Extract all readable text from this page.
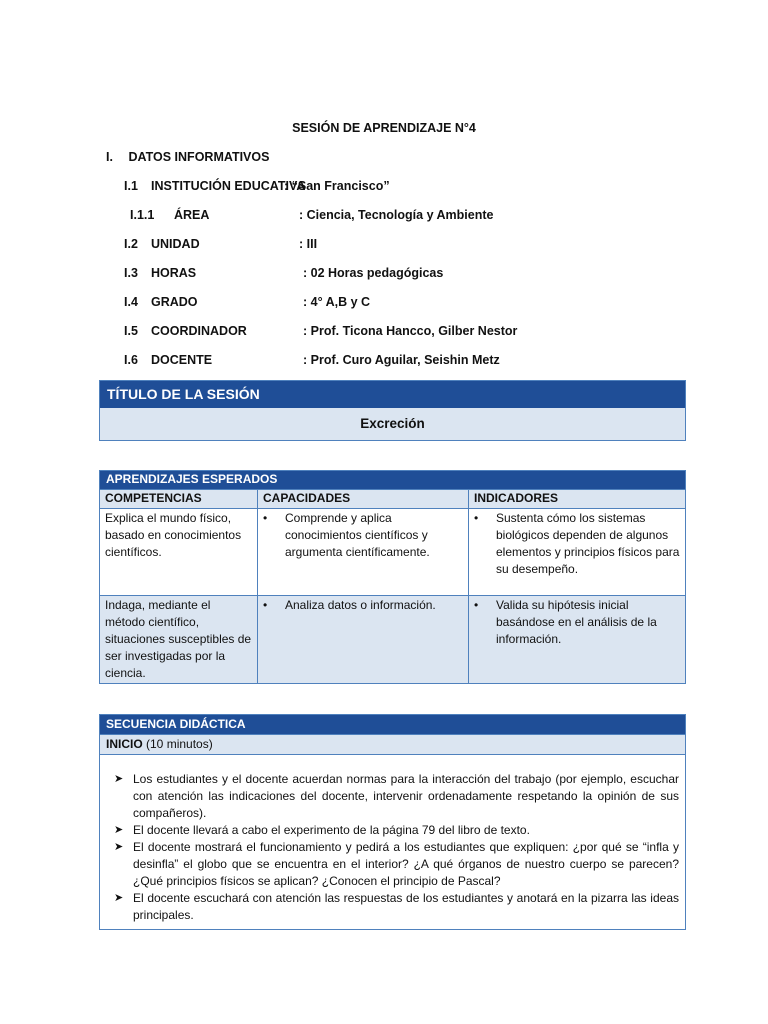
SESIÓN DE APRENDIZAJE N°4
I. DATOS INFORMATIVOS
I.1 INSTITUCIÓN EDUCATIVA
: “San Francisco”
I.1.1 ÁREA	: Ciencia, Tecnología y Ambiente
I.2 UNIDAD	: III
I.3 HORAS	: 02 Horas pedagógicas
I.4 GRADO	: 4° A,B y C
I.5 COORDINADOR	: Prof. Ticona Hancco, Gilber Nestor
I.6 DOCENTE	: Prof. Curo Aguilar, Seishin Metz
TÍTULO DE LA SESIÓN
Excreción
APRENDIZAJES ESPERADOS		
COMPETENCIAS	CAPACIDADES	INDICADORES
Explica el mundo físico, basado en conocimientos científicos.	• Comprende y aplica conocimientos científicos y argumenta científicamente.	• Sustenta cómo los sistemas biológicos dependen de algunos elementos y principios físicos para su desempeño.

Indaga, mediante el método científico, situaciones susceptibles de ser investigadas por la ciencia.	• Analiza datos o información.	• Valida su hipótesis inicial basándose en el análisis de la información.
SECUENCIA DIDÁCTICA
INICIO (10 minutos)
➤ Los estudiantes y el docente acuerdan normas para la interacción del trabajo (por ejemplo, escuchar con atención las indicaciones del docente, intervenir ordenadamente respetando la opinión de sus compañeros).
➤ El docente llevará a cabo el experimento de la página 79 del libro de texto.
➤ El docente mostrará el funcionamiento y pedirá a los estudiantes que expliquen: ¿por qué se “infla y desinfla” el globo que se encuentra en el interior? ¿A qué órganos de nuestro cuerpo se parecen? ¿Qué principios físicos se aplican? ¿Conocen el principio de Pascal?
➤ El docente escuchará con atención las respuestas de los estudiantes y anotará en la pizarra las ideas principales.
